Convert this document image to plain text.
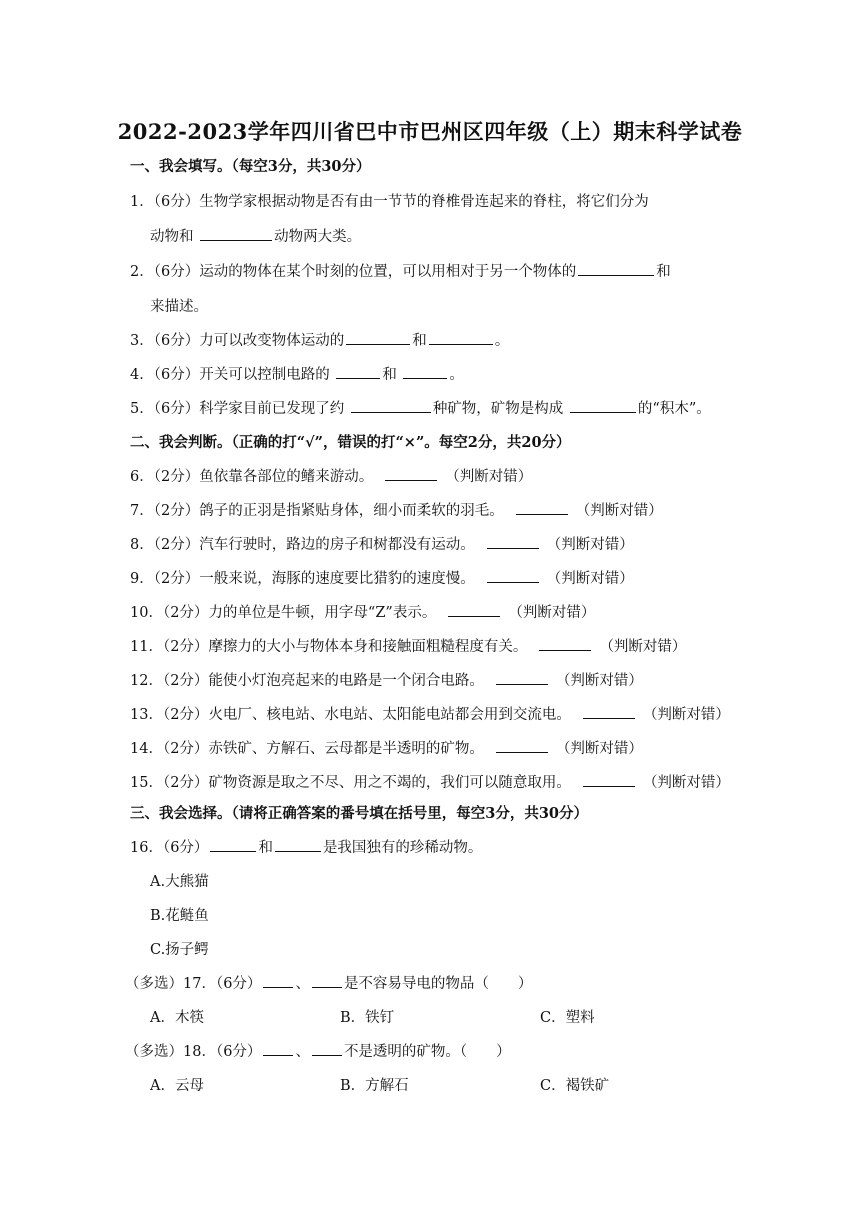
2022-2023学年四川省巴中市巴州区四年级（上）期末科学试卷
一、我会填写。（每空3分，共30分）
1．（6分）生物学家根据动物是否有由一节节的脊椎骨连起来的脊柱，将它们分为
动物和	动物两大类。
2．（6分）运动的物体在某个时刻的位置，可以用相对于另一个物体的	和
来描述。
3．（6分）力可以改变物体运动的	和	。
4．（6分）开关可以控制电路的	和	。
5．（6分）科学家目前已发现了约	种矿物，矿物是构成	的“积木”。
二、我会判断。（正确的打“√”，错误的打“×”。每空2分，共20分）
6．（2分）鱼依靠各部位的鳍来游动。	（判断对错）
7．（2分）鸽子的正羽是指紧贴身体，细小而柔软的羽毛。	（判断对错）
8．（2分）汽车行驶时，路边的房子和树都没有运动。	（判断对错）
9．（2分）一般来说，海豚的速度要比猎豹的速度慢。	（判断对错）
10．（2分）力的单位是牛顿，用字母“Z”表示。	（判断对错）
11．（2分）摩擦力的大小与物体本身和接触面粗糙程度有关。	（判断对错）
12．（2分）能使小灯泡亮起来的电路是一个闭合电路。	（判断对错）
13．（2分）火电厂、核电站、水电站、太阳能电站都会用到交流电。	（判断对错）
14．（2分）赤铁矿、方解石、云母都是半透明的矿物。	（判断对错）
15．（2分）矿物资源是取之不尽、用之不竭的，我们可以随意取用。	（判断对错）
三、我会选择。（请将正确答案的番号填在括号里，每空3分，共30分）
16．（6分）	和	是我国独有的珍稀动物。
A.大熊猫
B.花鲢鱼
C.扬子鳄
（多选）17．（6分） 、 是不容易导电的物品（　　）
A．木筷	B．铁钉	C．塑料
（多选）18．（6分） 、 不是透明的矿物。（　　）
A．云母	B．方解石	C．褐铁矿
